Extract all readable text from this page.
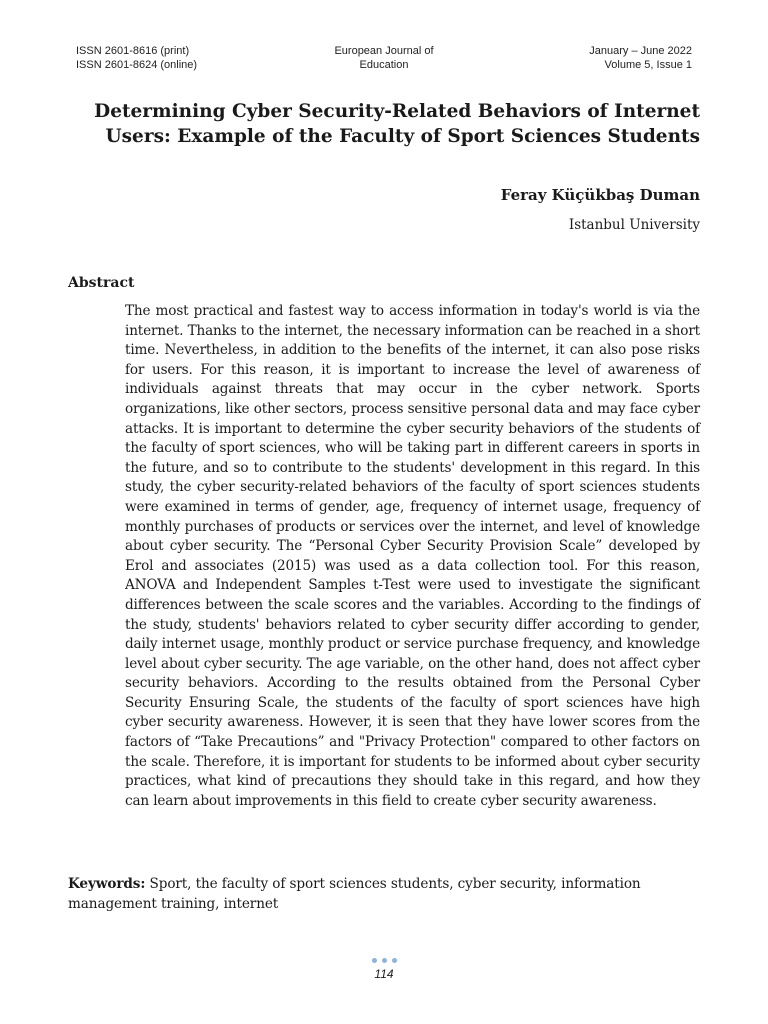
ISSN 2601-8616 (print)
ISSN 2601-8624 (online)
European Journal of
Education
January – June 2022
Volume 5, Issue 1
Determining Cyber Security-Related Behaviors of Internet Users: Example of the Faculty of Sport Sciences Students
Feray Küçükbaş Duman
Istanbul University
Abstract

The most practical and fastest way to access information in today's world is via the internet. Thanks to the internet, the necessary information can be reached in a short time. Nevertheless, in addition to the benefits of the internet, it can also pose risks for users. For this reason, it is important to increase the level of awareness of individuals against threats that may occur in the cyber network. Sports organizations, like other sectors, process sensitive personal data and may face cyber attacks. It is important to determine the cyber security behaviors of the students of the faculty of sport sciences, who will be taking part in different careers in sports in the future, and so to contribute to the students' development in this regard. In this study, the cyber security-related behaviors of the faculty of sport sciences students were examined in terms of gender, age, frequency of internet usage, frequency of monthly purchases of products or services over the internet, and level of knowledge about cyber security. The “Personal Cyber Security Provision Scale” developed by Erol and associates (2015) was used as a data collection tool. For this reason, ANOVA and Independent Samples t-Test were used to investigate the significant differences between the scale scores and the variables. According to the findings of the study, students' behaviors related to cyber security differ according to gender, daily internet usage, monthly product or service purchase frequency, and knowledge level about cyber security. The age variable, on the other hand, does not affect cyber security behaviors. According to the results obtained from the Personal Cyber Security Ensuring Scale, the students of the faculty of sport sciences have high cyber security awareness. However, it is seen that they have lower scores from the factors of “Take Precautions” and "Privacy Protection" compared to other factors on the scale. Therefore, it is important for students to be informed about cyber security practices, what kind of precautions they should take in this regard, and how they can learn about improvements in this field to create cyber security awareness.

Keywords: Sport, the faculty of sport sciences students, cyber security, information management training, internet

114
